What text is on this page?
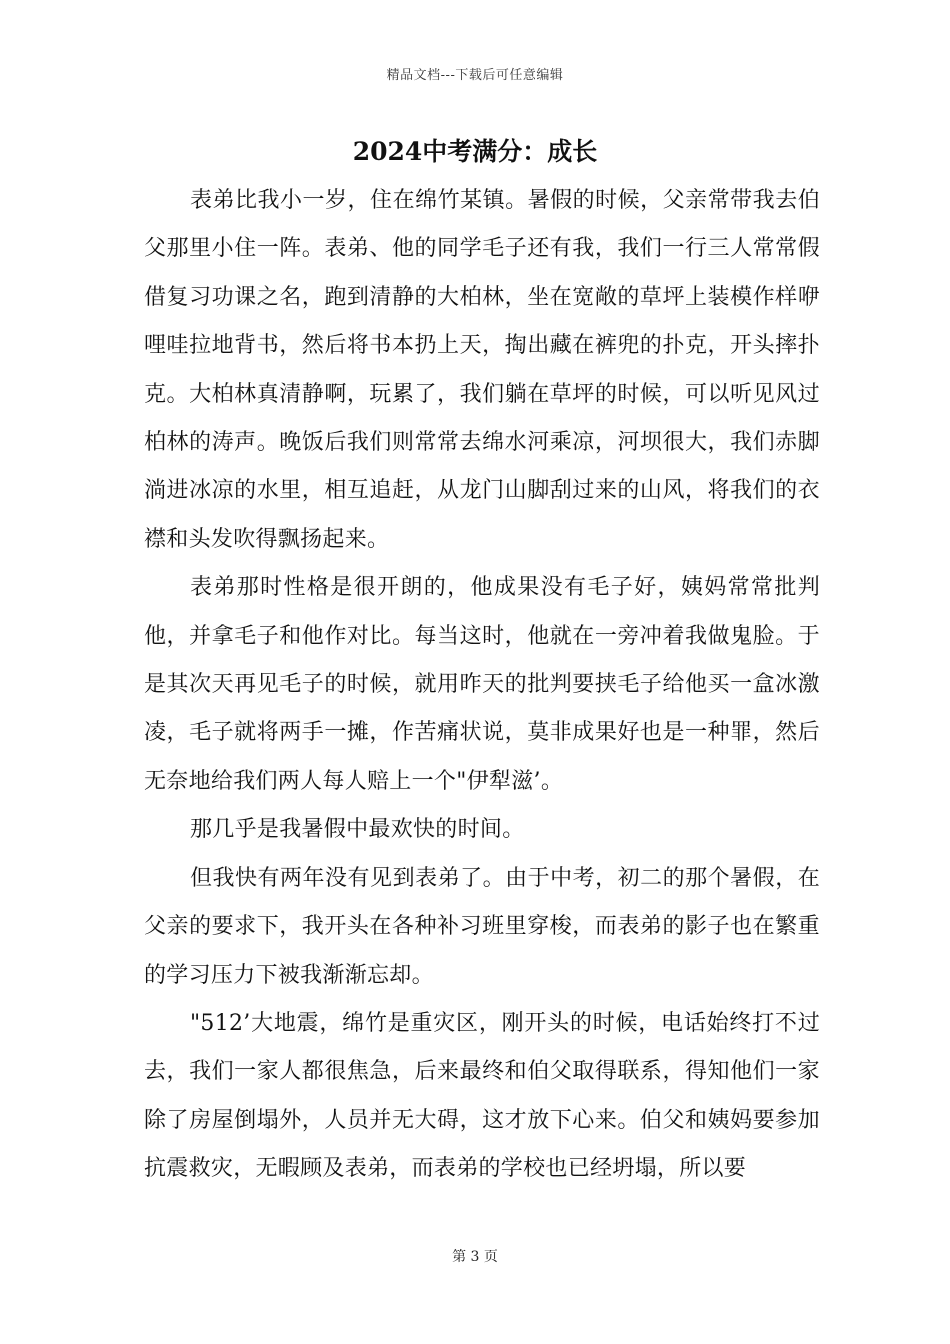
精品文档---下载后可任意编辑
2024中考满分：成长

表弟比我小一岁，住在绵竹某镇。暑假的时候，父亲常带我去伯父那里小住一阵。表弟、他的同学毛子还有我，我们一行三人常常假借复习功课之名，跑到清静的大柏林，坐在宽敞的草坪上装模作样咿哩哇拉地背书，然后将书本扔上天，掏出藏在裤兜的扑克，开头摔扑克。大柏林真清静啊，玩累了，我们躺在草坪的时候，可以听见风过柏林的涛声。晚饭后我们则常常去绵水河乘凉，河坝很大，我们赤脚淌进冰凉的水里，相互追赶，从龙门山脚刮过来的山风，将我们的衣襟和头发吹得飘扬起来。

表弟那时性格是很开朗的，他成果没有毛子好，姨妈常常批判他，并拿毛子和他作对比。每当这时，他就在一旁冲着我做鬼脸。于是其次天再见毛子的时候，就用昨天的批判要挟毛子给他买一盒冰激凌，毛子就将两手一摊，作苦痛状说，莫非成果好也是一种罪，然后无奈地给我们两人每人赔上一个"伊犁滋’。

那几乎是我暑假中最欢快的时间。

但我快有两年没有见到表弟了。由于中考，初二的那个暑假，在父亲的要求下，我开头在各种补习班里穿梭，而表弟的影子也在繁重的学习压力下被我渐渐忘却。

"512’大地震，绵竹是重灾区，刚开头的时候，电话始终打不过去，我们一家人都很焦急，后来最终和伯父取得联系，得知他们一家除了房屋倒塌外，人员并无大碍，这才放下心来。伯父和姨妈要参加抗震救灾，无暇顾及表弟，而表弟的学校也已经坍塌，所以要

第 3 页
